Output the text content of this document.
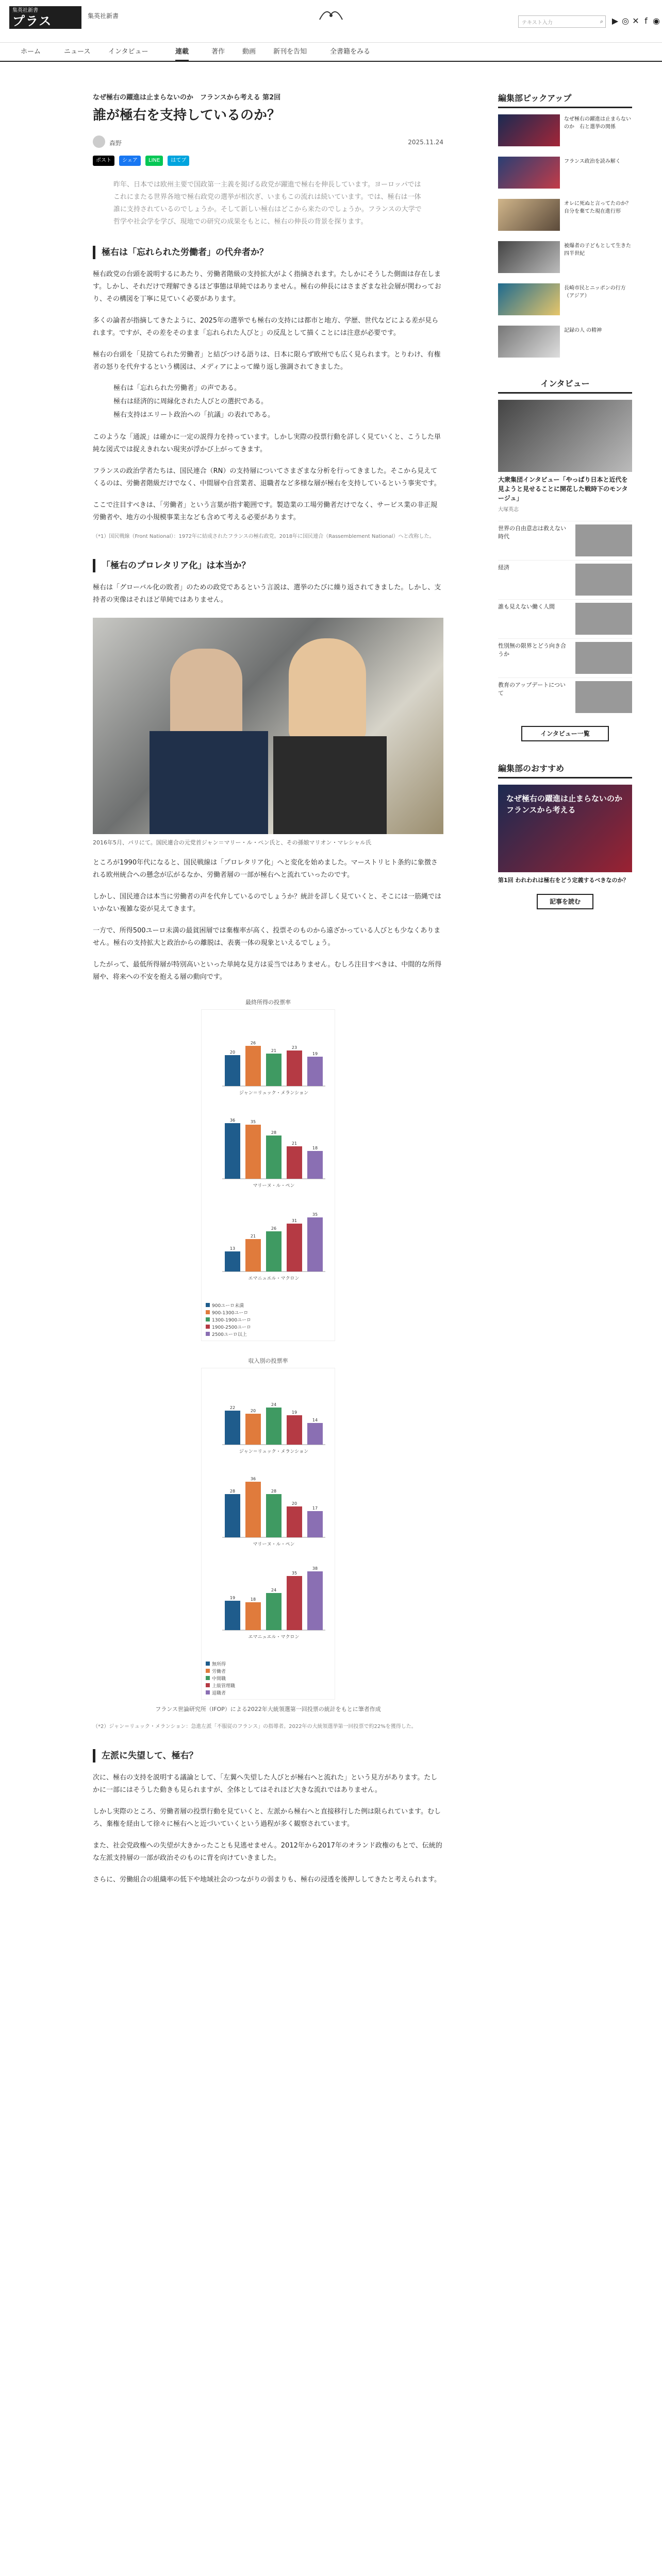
集英社新書
プラス	集英社新書
テキスト入力	⌕	▶ ◎ ✕ f ◉
ホーム	ニュース	インタビュー	連載	著作	動画	新刊を告知	全書籍をみる
なぜ極右の躍進は止まらないのか　フランスから考える 第2回
誰が極右を支持しているのか？
森野	2025.11.24
ポスト シェア LINE はてブ

昨年、日本では欧州主要で国政第一主義を掲げる政党が躍進で極右を伸長しています。ヨーロッパではこれにまたる世界各地で極右政党の選挙が相次ぎ、いまもこの流れは続いています。では、極右は一体誰に支持されているのでしょうか。そして新しい極右はどこから来たのでしょうか。フランスの大学で哲学や社会学を学び、現地での研究の成果をもとに、極右の伸長の背景を探ります。

極右は「忘れられた労働者」の代弁者か？

極右政党の台頭を説明するにあたり、労働者階級の支持拡大がよく指摘されます。たしかにそうした側面は存在します。しかし、それだけで理解できるほど事態は単純ではありません。極右の伸長にはさまざまな社会層が関わっており、その構図を丁寧に見ていく必要があります。

多くの論者が指摘してきたように、2025年の選挙でも極右の支持には都市と地方、学歴、世代などによる差が見られます。ですが、その差をそのまま「忘れられた人びと」の反乱として描くことには注意が必要です。

極右の台頭を「見捨てられた労働者」と結びつける語りは、日本に限らず欧州でも広く見られます。とりわけ、有権者の怒りを代弁するという構図は、メディアによって繰り返し強調されてきました。

極右は「忘れられた労働者」の声である。
極右は経済的に周縁化された人びとの選択である。
極右支持はエリート政治への「抗議」の表れである。

このような「通説」は確かに一定の説得力を持っています。しかし実際の投票行動を詳しく見ていくと、こうした単純な図式では捉えきれない現実が浮かび上がってきます。

フランスの政治学者たちは、国民連合（RN）の支持層についてさまざまな分析を行ってきました。そこから見えてくるのは、労働者階級だけでなく、中間層や自営業者、退職者など多様な層が極右を支持しているという事実です。

ここで注目すべきは、「労働者」という言葉が指す範囲です。製造業の工場労働者だけでなく、サービス業の非正規労働者や、地方の小規模事業主なども含めて考える必要があります。

（*1）国民戦線（Front National）：1972年に結成されたフランスの極右政党。2018年に国民連合（Rassemblement National）へと改称した。

「極右のプロレタリア化」は本当か？

極右は「グローバル化の敗者」のための政党であるという言説は、選挙のたびに繰り返されてきました。しかし、支持者の実像はそれほど単純ではありません。

2016年5月、パリにて。国民連合の元党首ジャン＝マリー・ル・ペン氏と、その孫娘マリオン・マレシャル氏

ところが1990年代になると、国民戦線は「プロレタリア化」へと変化を始めました。マーストリヒト条約に象徴される欧州統合への懸念が広がるなか、労働者層の一部が極右へと流れていったのです。

しかし、国民連合は本当に労働者の声を代弁しているのでしょうか？統計を詳しく見ていくと、そこには一筋縄ではいかない複雑な姿が見えてきます。

一方で、所得500ユーロ未満の最貧困層では棄権率が高く、投票そのものから遠ざかっている人びとも少なくありません。極右の支持拡大と政治からの離脱は、表裏一体の現象といえるでしょう。

したがって、最低所得層が特別高いといった単純な見方は妥当ではありません。むしろ注目すべきは、中間的な所得層や、将来への不安を抱える層の動向です。

最終所得の投票率
20
26
21
23
19
ジャン＝リュック・メランション
36	35
28
21
18
マリーヌ・ル・ペン
13
21
26
31
35
エマニュエル・マクロン
900ユーロ未満
900-1300ユーロ
1300-1900ユーロ
1900-2500ユーロ
2500ユーロ以上
収入別の投票率
22
20
24
19
14
ジャン＝リュック・メランション
28
36
28
20
17
マリーヌ・ル・ペン
19	18
24
35
38
エマニュエル・マクロン
無所得
労働者
中間職
上級管理職
退職者

フランス世論研究所（IFOP）による2022年大統領選第一回投票の統計をもとに筆者作成

（*2）ジャン＝リュック・メランション：急進左派「不服従のフランス」の指導者。2022年の大統領選挙第一回投票で約22%を獲得した。

左派に失望して、極右？

次に、極右の支持を説明する議論として、「左翼へ失望した人びとが極右へと流れた」という見方があります。たしかに一部にはそうした動きも見られますが、全体としてはそれほど大きな流れではありません。

しかし実際のところ、労働者層の投票行動を見ていくと、左派から極右へと直接移行した例は限られています。むしろ、棄権を経由して徐々に極右へと近づいていくという過程が多く観察されています。

また、社会党政権への失望が大きかったことも見逃せません。2012年から2017年のオランド政権のもとで、伝統的な左派支持層の一部が政治そのものに背を向けていきました。

さらに、労働組合の組織率の低下や地域社会のつながりの弱まりも、極右の浸透を後押ししてきたと考えられます。

編集部ピックアップ
なぜ極右の躍進は止まらないのか　右と選挙の関係
フランス政治を読み解く
オレに死ぬと言ってたのか？　自分を棄てた現在進行形
被爆者の子どもとして生きた四半世紀
長崎市民とニッポンの行方（アジア）
記録の人 の精神
インタビュー
大衆集団インタビュー「やっぱり日本と近代を見ようと見せることに開花した戦時下のモンタージュ」
大塚英志
世界の自由意志は救えない時代
経済
誰も見えない働く人間
性別無の限界とどう向き合うか
教育のアップデートについて
インタビュー一覧
編集部のおすすめ
なぜ極右の躍進は止まらないのか　フランスから考える
第1回 われわれは極右をどう定義するべきなのか？
記事を読む
